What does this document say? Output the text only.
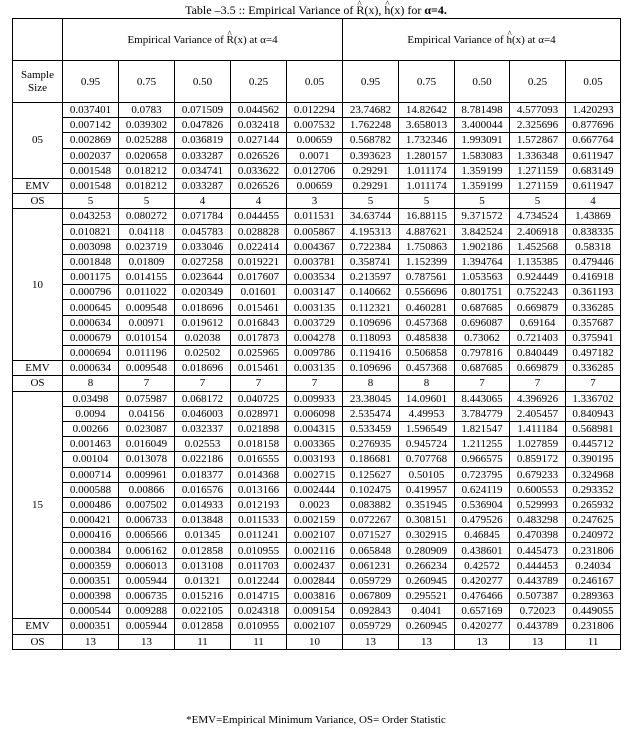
Table –3.5 :: Empirical Variance of ^ R(x), ^ h(x) for α=4.
	Empirical Variance of ^ R(x) at α=4					Empirical Variance of ^ h(x) at α=4
Sample Size	0.95	0.75	0.50	0.25	0.05	0.95	0.75	0.50	0.25	0.05
05	0.037401	0.0783	0.071509	0.044562	0.012294	23.74682	14.82642	8.781498	4.577093	1.420293
	0.007142	0.039302	0.047826	0.032418	0.007532	1.762248	3.658013	3.400044	2.325696	0.877696
	0.002869	0.025288	0.036819	0.027144	0.00659	0.568782	1.732346	1.993091	1.572867	0.667764
	0.002037	0.020658	0.033287	0.026526	0.0071	0.393623	1.280157	1.583083	1.336348	0.611947
	0.001548	0.018212	0.034741	0.033622	0.012706	0.29291	1.011174	1.359199	1.271159	0.683149
EMV	0.001548	0.018212	0.033287	0.026526	0.00659	0.29291	1.011174	1.359199	1.271159	0.611947
OS	5	5	4	4	3	5	5	5	5	4
10	0.043253	0.080272	0.071784	0.044455	0.011531	34.63744	16.88115	9.371572	4.734524	1.43869
	0.010821	0.04118	0.045783	0.028828	0.005867	4.195313	4.887621	3.842524	2.406918	0.838335
	0.003098	0.023719	0.033046	0.022414	0.004367	0.722384	1.750863	1.902186	1.452568	0.58318
	0.001848	0.01809	0.027258	0.019221	0.003781	0.358741	1.152399	1.394764	1.135385	0.479446
	0.001175	0.014155	0.023644	0.017607	0.003534	0.213597	0.787561	1.053563	0.924449	0.416918
	0.000796	0.011022	0.020349	0.01601	0.003147	0.140662	0.556696	0.801751	0.752243	0.361193
	0.000645	0.009548	0.018696	0.015461	0.003135	0.112321	0.460281	0.687685	0.669879	0.336285
	0.000634	0.00971	0.019612	0.016843	0.003729	0.109696	0.457368	0.696087	0.69164	0.357687
	0.000679	0.010154	0.02038	0.017873	0.004278	0.118093	0.485838	0.73062	0.721403	0.375941
	0.000694	0.011196	0.02502	0.025965	0.009786	0.119416	0.506858	0.797816	0.840449	0.497182
EMV	0.000634	0.009548	0.018696	0.015461	0.003135	0.109696	0.457368	0.687685	0.669879	0.336285
OS	8	7	7	7	7	8	8	7	7	7
15	0.03498	0.075987	0.068172	0.040725	0.009933	23.38045	14.09601	8.443065	4.396926	1.336702
	0.0094	0.04156	0.046003	0.028971	0.006098	2.535474	4.49953	3.784779	2.405457	0.840943
	0.00266	0.023087	0.032337	0.021898	0.004315	0.533459	1.596549	1.821547	1.411184	0.568981
	0.001463	0.016049	0.02553	0.018158	0.003365	0.276935	0.945724	1.211255	1.027859	0.445712
	0.00104	0.013078	0.022186	0.016555	0.003193	0.186681	0.707768	0.966575	0.859172	0.390195
	0.000714	0.009961	0.018377	0.014368	0.002715	0.125627	0.50105	0.723795	0.679233	0.324968
	0.000588	0.00866	0.016576	0.013166	0.002444	0.102475	0.419957	0.624119	0.600553	0.293352
	0.000486	0.007502	0.014933	0.012193	0.0023	0.083882	0.351945	0.536904	0.529993	0.265932
	0.000421	0.006733	0.013848	0.011533	0.002159	0.072267	0.308151	0.479526	0.483298	0.247625
	0.000416	0.006566	0.01345	0.011241	0.002107	0.071527	0.302915	0.46845	0.470398	0.240972
	0.000384	0.006162	0.012858	0.010955	0.002116	0.065848	0.280909	0.438601	0.445473	0.231806
	0.000359	0.006013	0.013108	0.011703	0.002437	0.061231	0.266234	0.42572	0.444453	0.24034
	0.000351	0.005944	0.01321	0.012244	0.002844	0.059729	0.260945	0.420277	0.443789	0.246167
	0.000398	0.006735	0.015216	0.014715	0.003816	0.067809	0.295521	0.476466	0.507387	0.289363
	0.000544	0.009288	0.022105	0.024318	0.009154	0.092843	0.4041	0.657169	0.72023	0.449055
EMV	0.000351	0.005944	0.012858	0.010955	0.002107	0.059729	0.260945	0.420277	0.443789	0.231806
OS	13	13	11	11	10	13	13	13	13	11
*EMV=Empirical Minimum Variance, OS= Order Statistic
